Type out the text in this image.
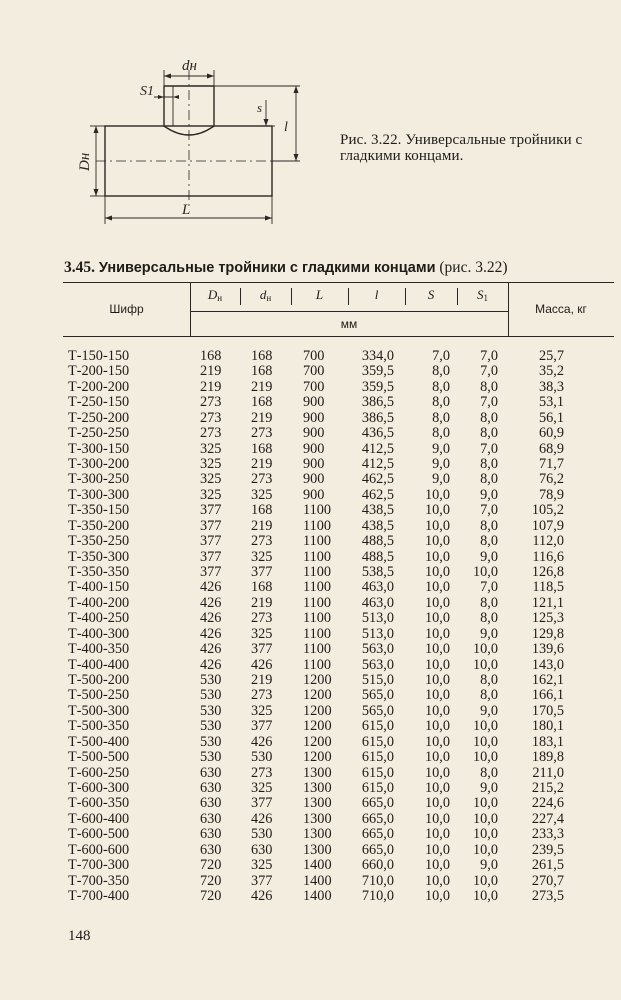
dн
S1
s
l
Dн
L
Рис. 3.22. Универсальные тройники с гладкими концами.
3.45. Универсальные тройники с гладкими концами (рис. 3.22)
Шифр
$D_н$	$d_н$	L	l	S	$S_1$
мм
Масса, кг
Т-150-150	168 168 700	334,0	7,0	7,0	25,7
Т-200-150	219 168 700	359,5	8,0	7,0	35,2
Т-200-200	219 219 700	359,5	8,0	8,0	38,3
Т-250-150	273 168 900	386,5	8,0	7,0	53,1
Т-250-200	273 219 900	386,5	8,0	8,0	56,1
Т-250-250	273 273 900	436,5	8,0	8,0	60,9
Т-300-150	325 168 900	412,5	9,0	7,0	68,9
Т-300-200	325 219 900	412,5	9,0	8,0	71,7
Т-300-250	325 273 900	462,5	9,0	8,0	76,2
Т-300-300	325 325 900	462,5	10,0	9,0	78,9
Т-350-150	377 168 1100	438,5	10,0	7,0	105,2
Т-350-200	377 219 1100	438,5	10,0	8,0	107,9
Т-350-250	377 273 1100	488,5	10,0	8,0	112,0
Т-350-300	377 325 1100	488,5	10,0	9,0	116,6
Т-350-350	377 377 1100	538,5	10,0	10,0	126,8
Т-400-150	426 168 1100	463,0	10,0	7,0	118,5
Т-400-200	426 219 1100	463,0	10,0	8,0	121,1
Т-400-250	426 273 1100	513,0	10,0	8,0	125,3
Т-400-300	426 325 1100	513,0	10,0	9,0	129,8
Т-400-350	426 377 1100	563,0	10,0	10,0	139,6
Т-400-400	426 426 1100	563,0	10,0	10,0	143,0
Т-500-200	530 219 1200	515,0	10,0	8,0	162,1
Т-500-250	530 273 1200	565,0	10,0	8,0	166,1
Т-500-300	530 325 1200	565,0	10,0	9,0	170,5
Т-500-350	530 377 1200	615,0	10,0	10,0	180,1
Т-500-400	530 426 1200	615,0	10,0	10,0	183,1
Т-500-500	530 530 1200	615,0	10,0	10,0	189,8
Т-600-250	630 273 1300	615,0	10,0	8,0	211,0
Т-600-300	630 325 1300	615,0	10,0	9,0	215,2
Т-600-350	630 377 1300	665,0	10,0	10,0	224,6
Т-600-400	630 426 1300	665,0	10,0	10,0	227,4
Т-600-500	630 530 1300	665,0	10,0	10,0	233,3
Т-600-600	630 630 1300	665,0	10,0	10,0	239,5
Т-700-300	720 325 1400	660,0	10,0	9,0	261,5
Т-700-350	720 377 1400	710,0	10,0	10,0	270,7
Т-700-400	720 426 1400	710,0	10,0	10,0	273,5
148
